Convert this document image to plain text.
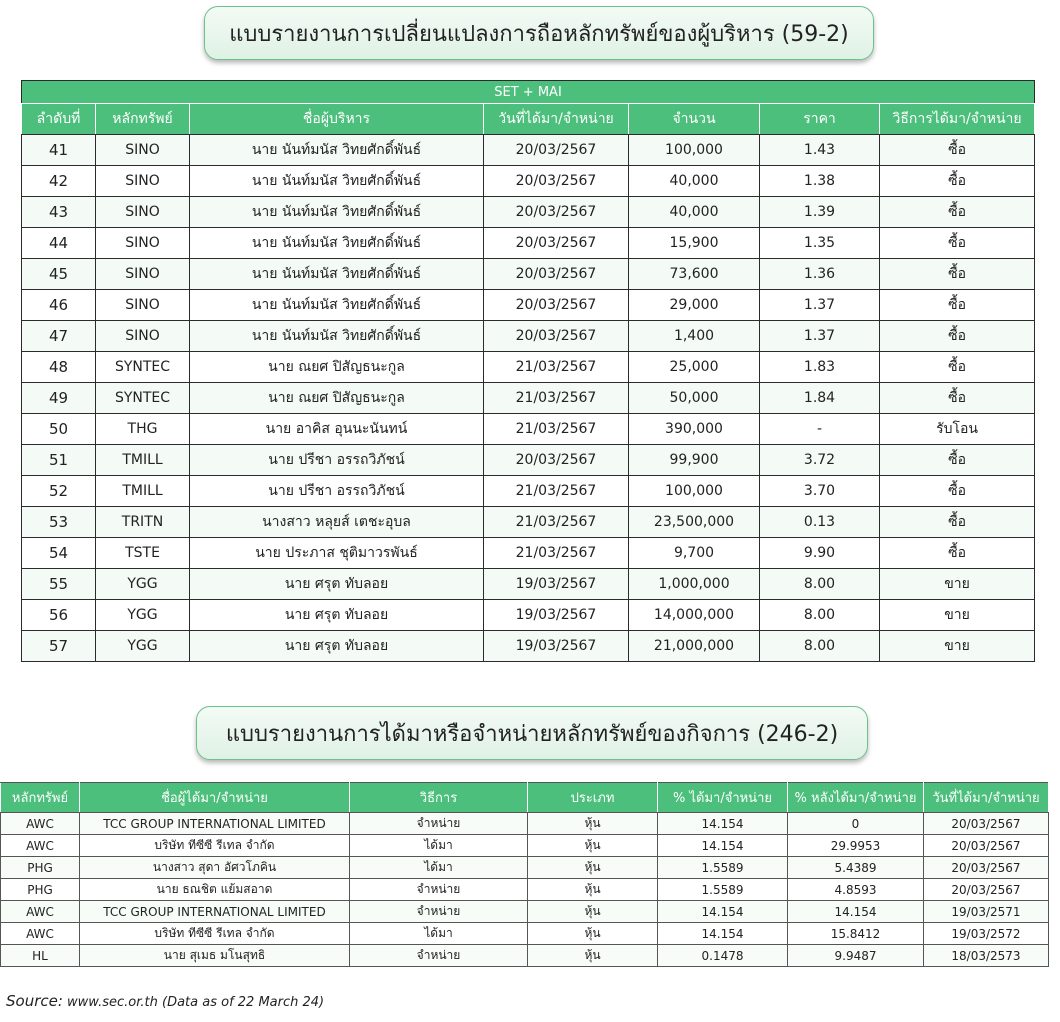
แบบรายงานการเปลี่ยนแปลงการถือหลักทรัพย์ของผู้บริหาร (59-2)
SET + MAI						
ลำดับที่	หลักทรัพย์	ชื่อผู้บริหาร	วันที่ได้มา/จำหน่าย	จำนวน	ราคา	วิธีการได้มา/จำหน่าย
41	SINO	นาย นันท์มนัส วิทยศักดิ์พันธ์	20/03/2567	100,000	1.43	ซื้อ
42	SINO	นาย นันท์มนัส วิทยศักดิ์พันธ์	20/03/2567	40,000	1.38	ซื้อ
43	SINO	นาย นันท์มนัส วิทยศักดิ์พันธ์	20/03/2567	40,000	1.39	ซื้อ
44	SINO	นาย นันท์มนัส วิทยศักดิ์พันธ์	20/03/2567	15,900	1.35	ซื้อ
45	SINO	นาย นันท์มนัส วิทยศักดิ์พันธ์	20/03/2567	73,600	1.36	ซื้อ
46	SINO	นาย นันท์มนัส วิทยศักดิ์พันธ์	20/03/2567	29,000	1.37	ซื้อ
47	SINO	นาย นันท์มนัส วิทยศักดิ์พันธ์	20/03/2567	1,400	1.37	ซื้อ
48	SYNTEC	นาย ณยศ ปิสัญธนะกูล	21/03/2567	25,000	1.83	ซื้อ
49	SYNTEC	นาย ณยศ ปิสัญธนะกูล	21/03/2567	50,000	1.84	ซื้อ
50	THG	นาย อาคิส อุนนะนันทน์	21/03/2567	390,000	-	รับโอน
51	TMILL	นาย ปรีชา อรรถวิภัชน์	20/03/2567	99,900	3.72	ซื้อ
52	TMILL	นาย ปรีชา อรรถวิภัชน์	21/03/2567	100,000	3.70	ซื้อ
53	TRITN	นางสาว หลุยส์ เตชะอุบล	21/03/2567	23,500,000	0.13	ซื้อ
54	TSTE	นาย ประภาส ชุติมาวรพันธ์	21/03/2567	9,700	9.90	ซื้อ
55	YGG	นาย ศรุต ทับลอย	19/03/2567	1,000,000	8.00	ขาย
56	YGG	นาย ศรุต ทับลอย	19/03/2567	14,000,000	8.00	ขาย
57	YGG	นาย ศรุต ทับลอย	19/03/2567	21,000,000	8.00	ขาย
แบบรายงานการได้มาหรือจำหน่ายหลักทรัพย์ของกิจการ (246-2)
หลักทรัพย์	ชื่อผู้ได้มา/จำหน่าย	วิธีการ	ประเภท	% ได้มา/จำหน่าย	% หลังได้มา/จำหน่าย	วันที่ได้มา/จำหน่าย
AWC	TCC GROUP INTERNATIONAL LIMITED	จำหน่าย	หุ้น	14.154	0	20/03/2567
AWC	บริษัท ทีซีซี รีเทล จำกัด	ได้มา	หุ้น	14.154	29.9953	20/03/2567
PHG	นางสาว สุดา อัศวโภคิน	ได้มา	หุ้น	1.5589	5.4389	20/03/2567
PHG	นาย ธณชิต แย้มสอาด	จำหน่าย	หุ้น	1.5589	4.8593	20/03/2567
AWC	TCC GROUP INTERNATIONAL LIMITED	จำหน่าย	หุ้น	14.154	14.154	19/03/2571
AWC	บริษัท ทีซีซี รีเทล จำกัด	ได้มา	หุ้น	14.154	15.8412	19/03/2572
HL	นาย สุเมธ มโนสุทธิ	จำหน่าย	หุ้น	0.1478	9.9487	18/03/2573
Source: www.sec.or.th (Data as of 22 March 24)
